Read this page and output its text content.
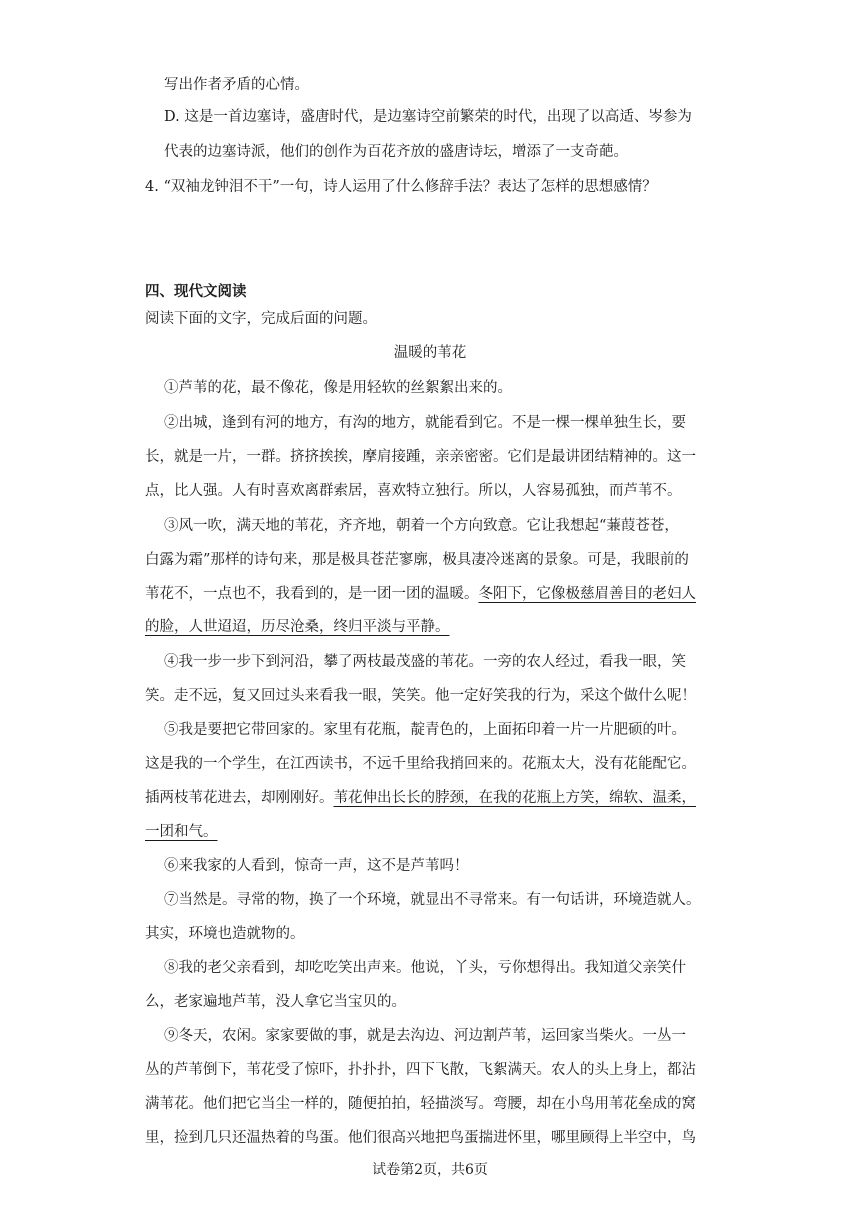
写出作者矛盾的心情。
D. 这是一首边塞诗，盛唐时代，是边塞诗空前繁荣的时代，出现了以高适、岑参为
代表的边塞诗派，他们的创作为百花齐放的盛唐诗坛，增添了一支奇葩。
4. “双袖龙钟泪不干”一句，诗人运用了什么修辞手法？表达了怎样的思想感情？
四、现代文阅读
阅读下面的文字，完成后面的问题。
温暖的苇花
①芦苇的花，最不像花，像是用轻软的丝絮絮出来的。
②出城，逢到有河的地方，有沟的地方，就能看到它。不是一棵一棵单独生长，要
长，就是一片，一群。挤挤挨挨，摩肩接踵，亲亲密密。它们是最讲团结精神的。这一
点，比人强。人有时喜欢离群索居，喜欢特立独行。所以，人容易孤独，而芦苇不。
③风一吹，满天地的苇花，齐齐地，朝着一个方向致意。它让我想起“蒹葭苍苍，
白露为霜”那样的诗句来，那是极具苍茫寥廓，极具凄冷迷离的景象。可是，我眼前的
苇花不，一点也不，我看到的，是一团一团的温暖。冬阳下，它像极慈眉善目的老妇人
的脸，人世迢迢，历尽沧桑，终归平淡与平静。
④我一步一步下到河沿，攀了两枝最茂盛的苇花。一旁的农人经过，看我一眼，笑
笑。走不远，复又回过头来看我一眼，笑笑。他一定好笑我的行为，采这个做什么呢！
⑤我是要把它带回家的。家里有花瓶，靛青色的，上面拓印着一片一片肥硕的叶。
这是我的一个学生，在江西读书，不远千里给我捎回来的。花瓶太大，没有花能配它。
插两枝苇花进去，却刚刚好。苇花伸出长长的脖颈，在我的花瓶上方笑，绵软、温柔，
一团和气。
⑥来我家的人看到，惊奇一声，这不是芦苇吗！
⑦当然是。寻常的物，换了一个环境，就显出不寻常来。有一句话讲，环境造就人。
其实，环境也造就物的。
⑧我的老父亲看到，却吃吃笑出声来。他说，丫头，亏你想得出。我知道父亲笑什
么，老家遍地芦苇，没人拿它当宝贝的。
⑨冬天，农闲。家家要做的事，就是去沟边、河边割芦苇，运回家当柴火。一丛一
丛的芦苇倒下，苇花受了惊吓，扑扑扑，四下飞散，飞絮满天。农人的头上身上，都沾
满苇花。他们把它当尘一样的，随便拍拍，轻描淡写。弯腰，却在小鸟用苇花垒成的窝
里，捡到几只还温热着的鸟蛋。他们很高兴地把鸟蛋揣进怀里，哪里顾得上半空中，鸟
试卷第2页，共6页
